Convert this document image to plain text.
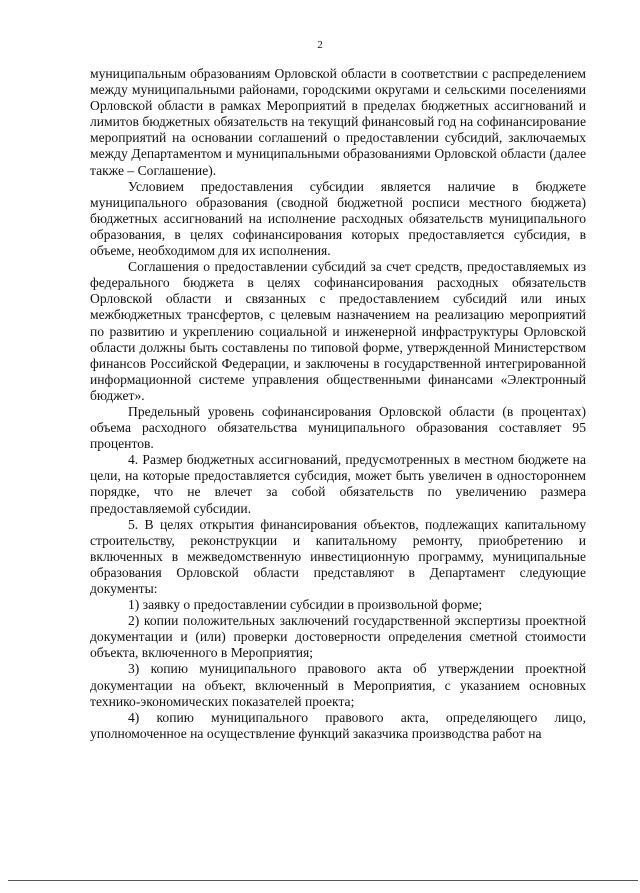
2

муниципальным образованиям Орловской области в соответствии с распределением между муниципальными районами, городскими округами и сельскими поселениями Орловской области в рамках Мероприятий в пределах бюджетных ассигнований и лимитов бюджетных обязательств на текущий финансовый год на софинансирование мероприятий на основании соглашений о предоставлении субсидий, заключаемых между Департаментом и муниципальными образованиями Орловской области (далее также – Соглашение).

Условием предоставления субсидии является наличие в бюджете муниципального образования (сводной бюджетной росписи местного бюджета) бюджетных ассигнований на исполнение расходных обязательств муниципального образования, в целях софинансирования которых предоставляется субсидия, в объеме, необходимом для их исполнения.

Соглашения о предоставлении субсидий за счет средств, предоставляемых из федерального бюджета в целях софинансирования расходных обязательств Орловской области и связанных с предоставлением субсидий или иных межбюджетных трансфертов, с целевым назначением на реализацию мероприятий по развитию и укреплению социальной и инженерной инфраструктуры Орловской области должны быть составлены по типовой форме, утвержденной Министерством финансов Российской Федерации, и заключены в государственной интегрированной информационной системе управления общественными финансами «Электронный бюджет».

Предельный уровень софинансирования Орловской области (в процентах) объема расходного обязательства муниципального образования составляет 95 процентов.

4. Размер бюджетных ассигнований, предусмотренных в местном бюджете на цели, на которые предоставляется субсидия, может быть увеличен в одностороннем порядке, что не влечет за собой обязательств по увеличению размера предоставляемой субсидии.

5. В целях открытия финансирования объектов, подлежащих капитальному строительству, реконструкции и капитальному ремонту, приобретению и включенных в межведомственную инвестиционную программу, муниципальные образования Орловской области представляют в Департамент следующие документы:

1) заявку о предоставлении субсидии в произвольной форме;

2) копии положительных заключений государственной экспертизы проектной документации и (или) проверки достоверности определения сметной стоимости объекта, включенного в Мероприятия;

3) копию муниципального правового акта об утверждении проектной документации на объект, включенный в Мероприятия, с указанием основных технико-экономических показателей проекта;

4) копию муниципального правового акта, определяющего лицо, уполномоченное на осуществление функций заказчика производства работ на
